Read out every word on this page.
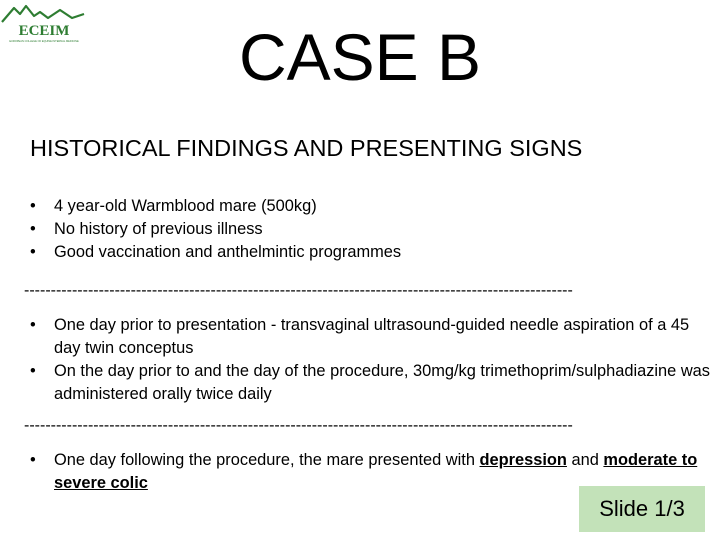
ECEIM
EUROPEAN COLLEGE OF EQUINE INTERNAL MEDICINE	CASE B
HISTORICAL FINDINGS AND PRESENTING SIGNS
• 4 year-old Warmblood mare (500kg)
• No history of previous illness
• Good vaccination and anthelmintic programmes
-------------------------------------------------------------------------------------------------------
• One day prior to presentation - transvaginal ultrasound-guided needle aspiration of a 45 day twin conceptus
• On the day prior to and the day of the procedure, 30mg/kg trimethoprim/sulphadiazine was administered orally twice daily
-------------------------------------------------------------------------------------------------------
• One day following the procedure, the mare presented with depression and moderate to severe colic
Slide 1/3
